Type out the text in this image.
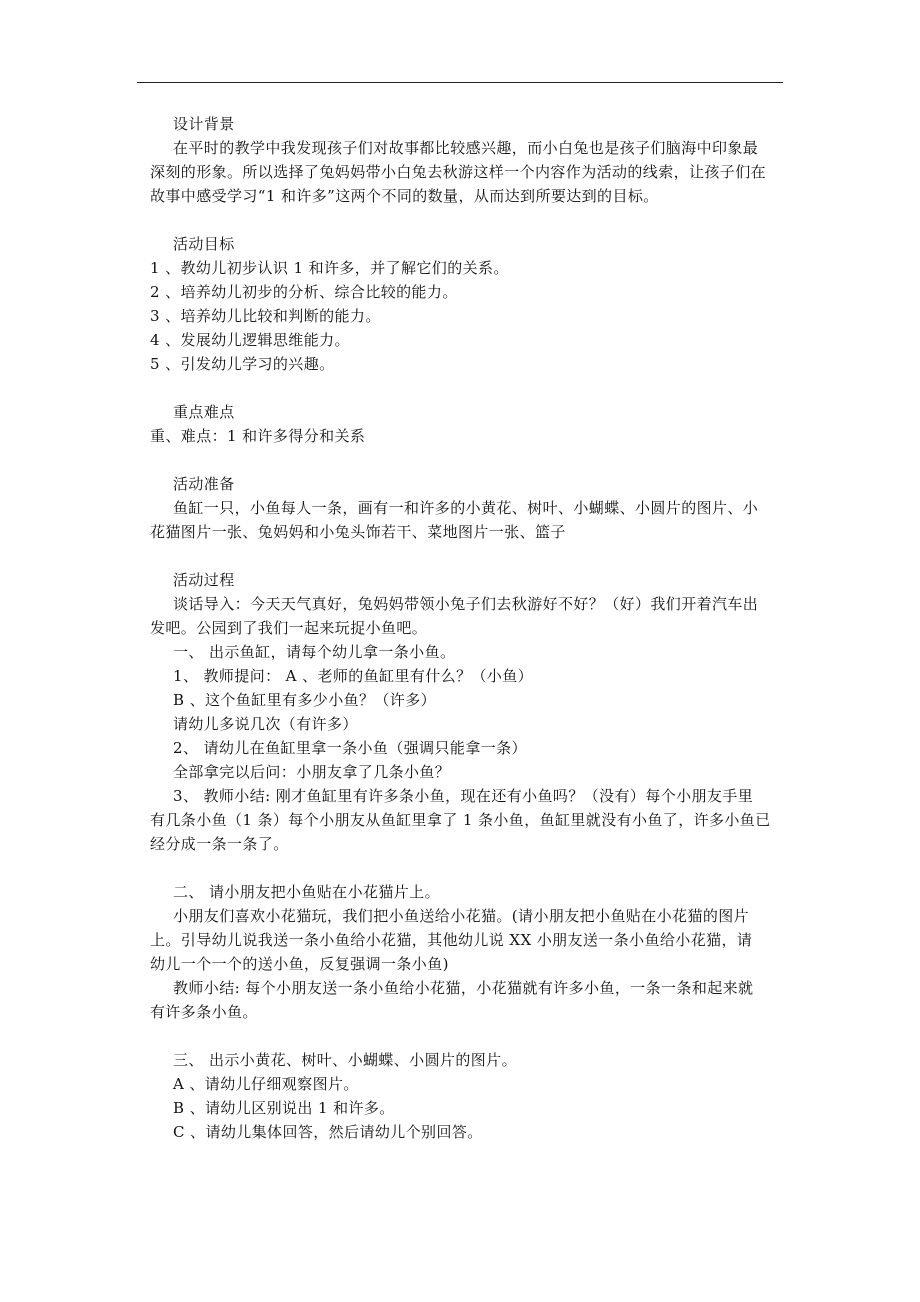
设计背景
在平时的教学中我发现孩子们对故事都比较感兴趣，而小白兔也是孩子们脑海中印象最
深刻的形象。所以选择了兔妈妈带小白兔去秋游这样一个内容作为活动的线索，让孩子们在
故事中感受学习“1 和许多”这两个不同的数量，从而达到所要达到的目标。
活动目标
1 、教幼儿初步认识 1 和许多，并了解它们的关系。
2 、培养幼儿初步的分析、综合比较的能力。
3 、培养幼儿比较和判断的能力。
4 、发展幼儿逻辑思维能力。
5 、引发幼儿学习的兴趣。
重点难点
重、难点：1 和许多得分和关系
活动准备
鱼缸一只，小鱼每人一条，画有一和许多的小黄花、树叶、小蝴蝶、小圆片的图片、小
花猫图片一张、兔妈妈和小兔头饰若干、菜地图片一张、篮子
活动过程
谈话导入：今天天气真好，兔妈妈带领小兔子们去秋游好不好？（好）我们开着汽车出
发吧。公园到了我们一起来玩捉小鱼吧。
一、 出示鱼缸，请每个幼儿拿一条小鱼。
1、 教师提问： A 、老师的鱼缸里有什么？（小鱼）
B 、这个鱼缸里有多少小鱼？（许多）
请幼儿多说几次（有许多）
2、 请幼儿在鱼缸里拿一条小鱼（强调只能拿一条）
全部拿完以后问：小朋友拿了几条小鱼？
3、 教师小结: 刚才鱼缸里有许多条小鱼，现在还有小鱼吗？（没有）每个小朋友手里
有几条小鱼（1 条）每个小朋友从鱼缸里拿了 1 条小鱼，鱼缸里就没有小鱼了，许多小鱼已
经分成一条一条了。
二、 请小朋友把小鱼贴在小花猫片上。
小朋友们喜欢小花猫玩，我们把小鱼送给小花猫。(请小朋友把小鱼贴在小花猫的图片
上。引导幼儿说我送一条小鱼给小花猫，其他幼儿说 XX 小朋友送一条小鱼给小花猫，请
幼儿一个一个的送小鱼，反复强调一条小鱼)
教师小结: 每个小朋友送一条小鱼给小花猫，小花猫就有许多小鱼，一条一条和起来就
有许多条小鱼。
三、 出示小黄花、树叶、小蝴蝶、小圆片的图片。
A 、请幼儿仔细观察图片。
B 、请幼儿区别说出 1 和许多。
C 、请幼儿集体回答，然后请幼儿个别回答。
